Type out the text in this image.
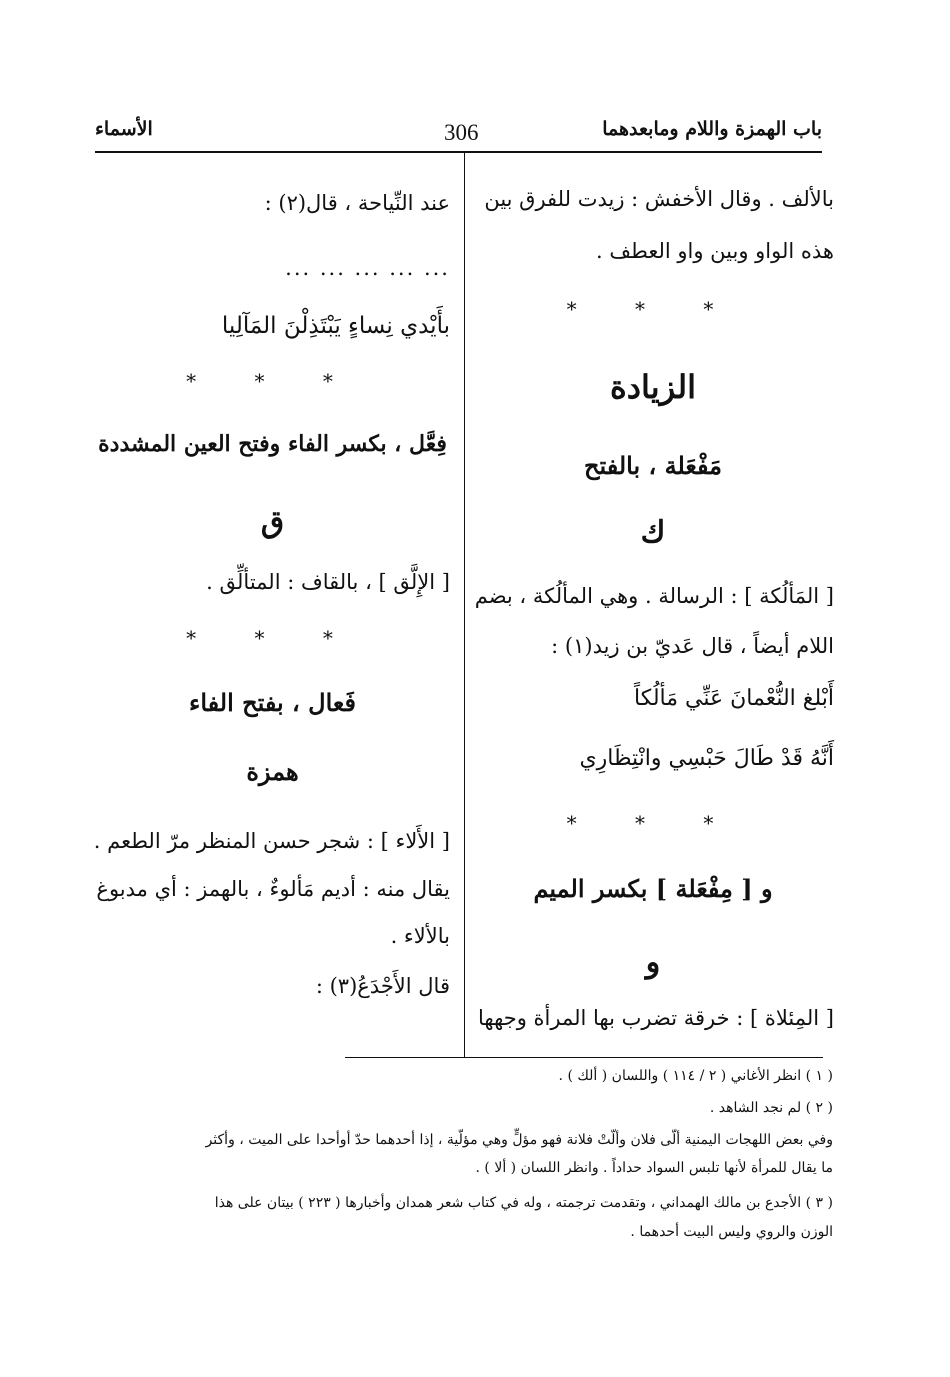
باب الهمزة واللام ومابعدهما
306
الأسماء
بالألف . وقال الأخفش : زيدت للفرق بين
هذه الواو وبين واو العطف .
* * *
الزيادة
مَفْعَلة ، بالفتح
ك
[ المَألُكة ] : الرسالة . وهي المألُكة ، بضم
اللام أيضاً ، قال عَديّ بن زيد(١) :
أَبْلغ النُّعْمانَ عَنِّي مَألُكاً
أَنَّهُ قَدْ طَالَ حَبْسِي وانْتِظَارِي
* * *
و [ مِفْعَلة ] بكسر الميم
و
[ المِئلاة ] : خرقة تضرب بها المرأة وجهها
عند النِّياحة ، قال(٢) :
... ... ... ... ...
بأَيْدي نِساءٍ يَبْتَذِلْنَ المَآلِيا
* * *
فِعَّل ، بكسر الفاء وفتح العين المشددة
ق
[ الإِلَّق ] ، بالقاف : المتألِّق .
* * *
فَعال ، بفتح الفاء
همزة
[ الأَلاء ] : شجر حسن المنظر مرّ الطعم .
يقال منه : أديم مَألوءٌ ، بالهمز : أي مدبوغ
بالألاء .
قال الأَجْدَعُ(٣) :
( ١ ) انظر الأغاني ( ٢ / ١١٤ ) واللسان ( ألك ) .
( ٢ ) لم نجد الشاهد .
وفي بعض اللهجات اليمنية ألّى فلان وألّتْ فلانة فهو مؤلٍّ وهي مؤلّية ، إذا أحدهما حدّ أوأحدا على الميت ، وأكثر
ما يقال للمرأة لأنها تلبس السواد حداداً . وانظر اللسان ( ألا ) .
( ٣ ) الأجدع بن مالك الهمداني ، وتقدمت ترجمته ، وله في كتاب شعر همدان وأخبارها ( ٢٢٣ ) بيتان على هذا
الوزن والروي وليس البيت أحدهما .
